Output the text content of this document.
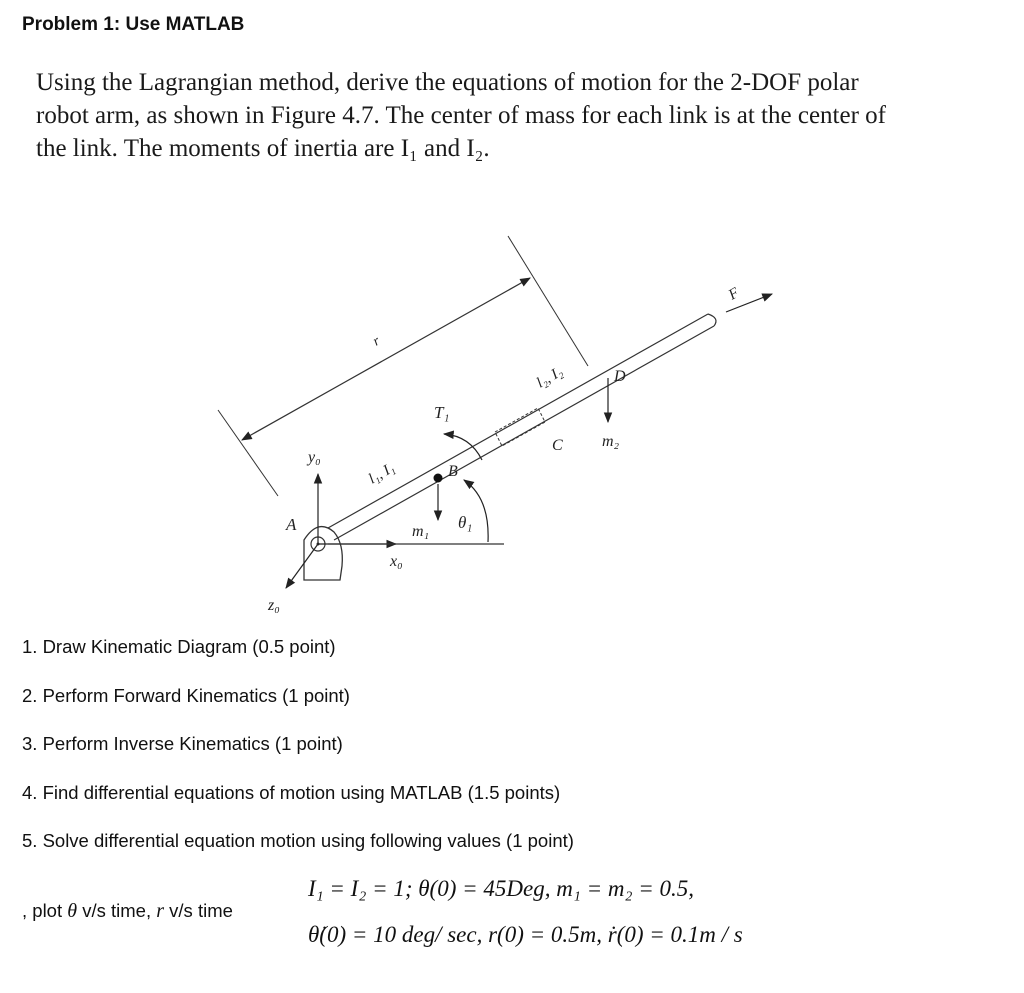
Problem 1: Use MATLAB
Using the Lagrangian method, derive the equations of motion for the 2-DOF polar
robot arm, as shown in Figure 4.7. The center of mass for each link is at the center of
the link. The moments of inertia are I₁ and I₂.
r
l₂, I₂
F
D
T₁
C m₂
y₀
l₁, I₁	B
A	θ₁
m₁
x₀
z₀
1. Draw Kinematic Diagram (0.5 point)
2. Perform Forward Kinematics (1 point)
3. Perform Inverse Kinematics (1 point)
4. Find differential equations of motion using MATLAB (1.5 points)
5. Solve differential equation motion using following values (1 point)
, plot θ v/s time, r v/s time
I₁ = I₂ = 1; θ(0) = 45Deg, m₁ = m₂ = 0.5,
θ̇(0) = 10 deg/ sec, r(0) = 0.5m, ṙ(0) = 0.1m / s
